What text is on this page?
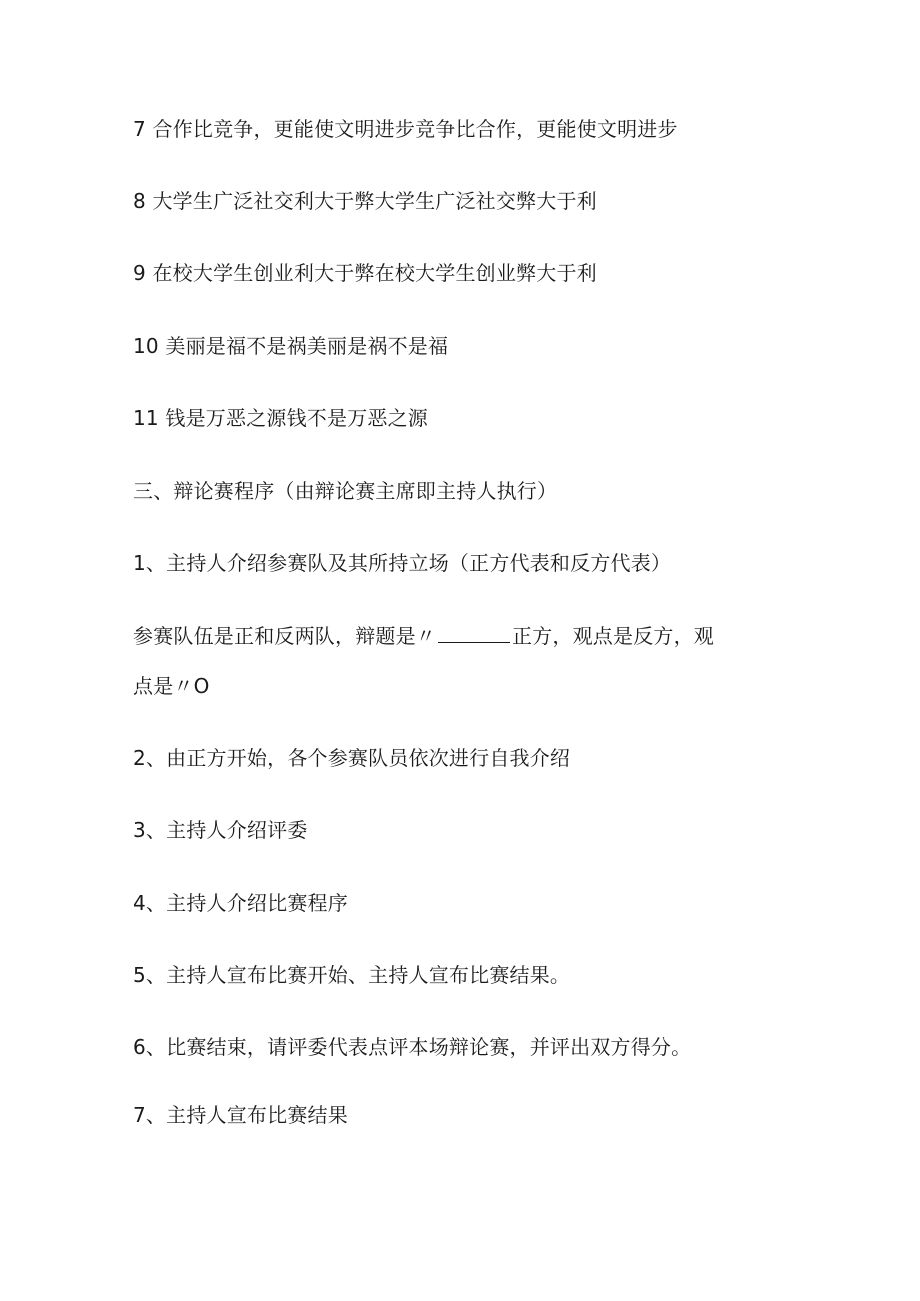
7 合作比竞争，更能使文明进步竞争比合作，更能使文明进步
8 大学生广泛社交利大于弊大学生广泛社交弊大于利
9 在校大学生创业利大于弊在校大学生创业弊大于利
10 美丽是福不是祸美丽是祸不是福
11 钱是万恶之源钱不是万恶之源
三、辩论赛程序（由辩论赛主席即主持人执行）
1、主持人介绍参赛队及其所持立场（正方代表和反方代表）
参赛队伍是正和反两队，辩题是〃	正方，观点是反方，观
点是〃O
2、由正方开始，各个参赛队员依次进行自我介绍
3、主持人介绍评委
4、主持人介绍比赛程序
5、主持人宣布比赛开始、主持人宣布比赛结果。
6、比赛结束，请评委代表点评本场辩论赛，并评出双方得分。
7、主持人宣布比赛结果
